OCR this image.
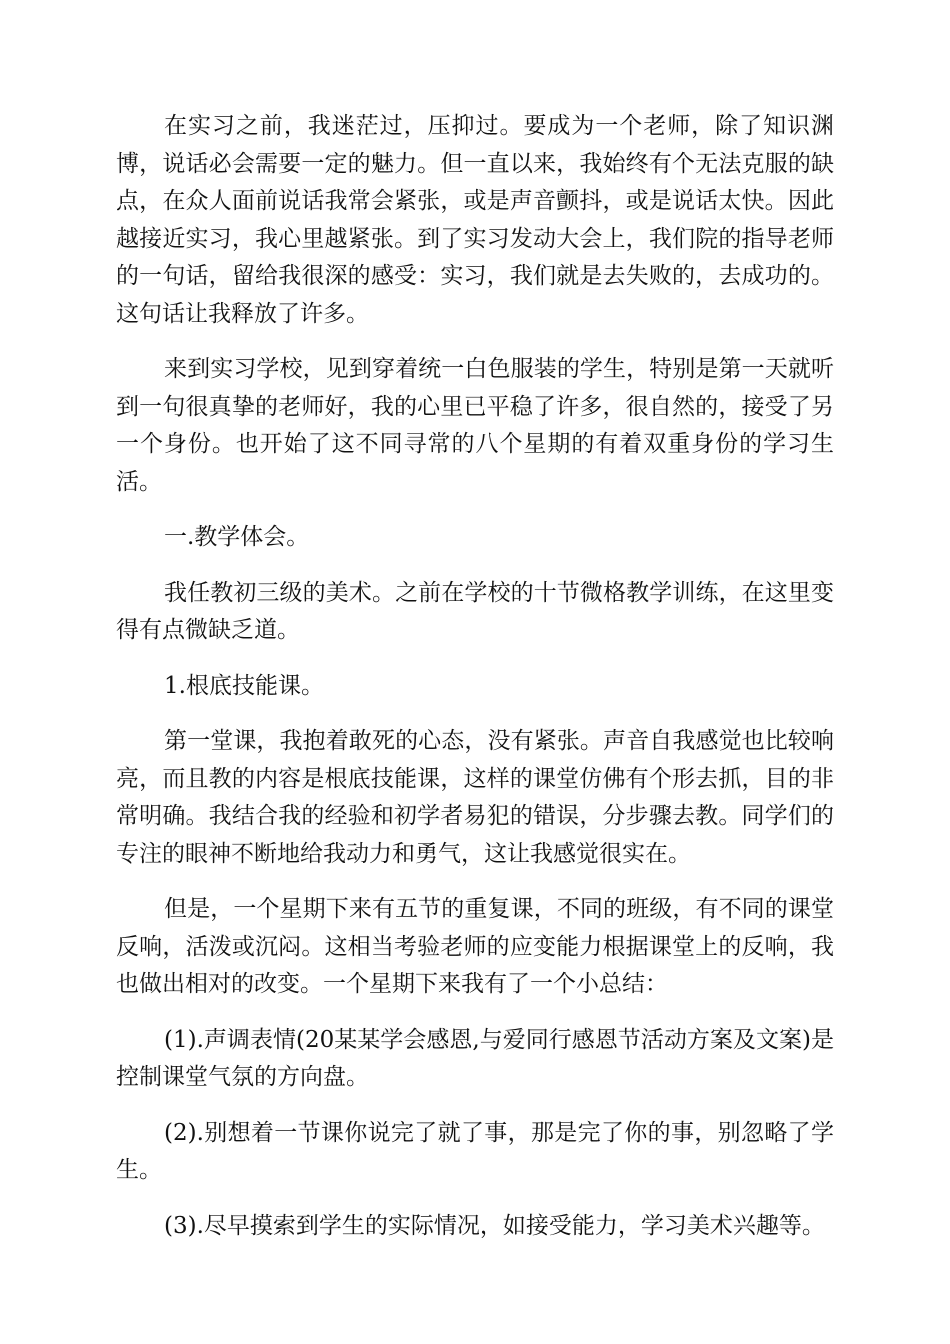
在实习之前，我迷茫过，压抑过。要成为一个老师，除了知识渊博，说话必会需要一定的魅力。但一直以来，我始终有个无法克服的缺点，在众人面前说话我常会紧张，或是声音颤抖，或是说话太快。因此越接近实习，我心里越紧张。到了实习发动大会上，我们院的指导老师的一句话，留给我很深的感受：实习，我们就是去失败的，去成功的。这句话让我释放了许多。

来到实习学校，见到穿着统一白色服装的学生，特别是第一天就听到一句很真挚的老师好，我的心里已平稳了许多，很自然的，接受了另一个身份。也开始了这不同寻常的八个星期的有着双重身份的学习生活。

一.教学体会。

我任教初三级的美术。之前在学校的十节微格教学训练，在这里变得有点微缺乏道。

1.根底技能课。

第一堂课，我抱着敢死的心态，没有紧张。声音自我感觉也比较响亮，而且教的内容是根底技能课，这样的课堂仿佛有个形去抓，目的非常明确。我结合我的经验和初学者易犯的错误，分步骤去教。同学们的专注的眼神不断地给我动力和勇气，这让我感觉很实在。

但是，一个星期下来有五节的重复课，不同的班级，有不同的课堂反响，活泼或沉闷。这相当考验老师的应变能力根据课堂上的反响，我也做出相对的改变。一个星期下来我有了一个小总结：

(1).声调表情(20某某学会感恩,与爱同行感恩节活动方案及文案)是控制课堂气氛的方向盘。

(2).别想着一节课你说完了就了事，那是完了你的事，别忽略了学生。

(3).尽早摸索到学生的实际情况，如接受能力，学习美术兴趣等。
